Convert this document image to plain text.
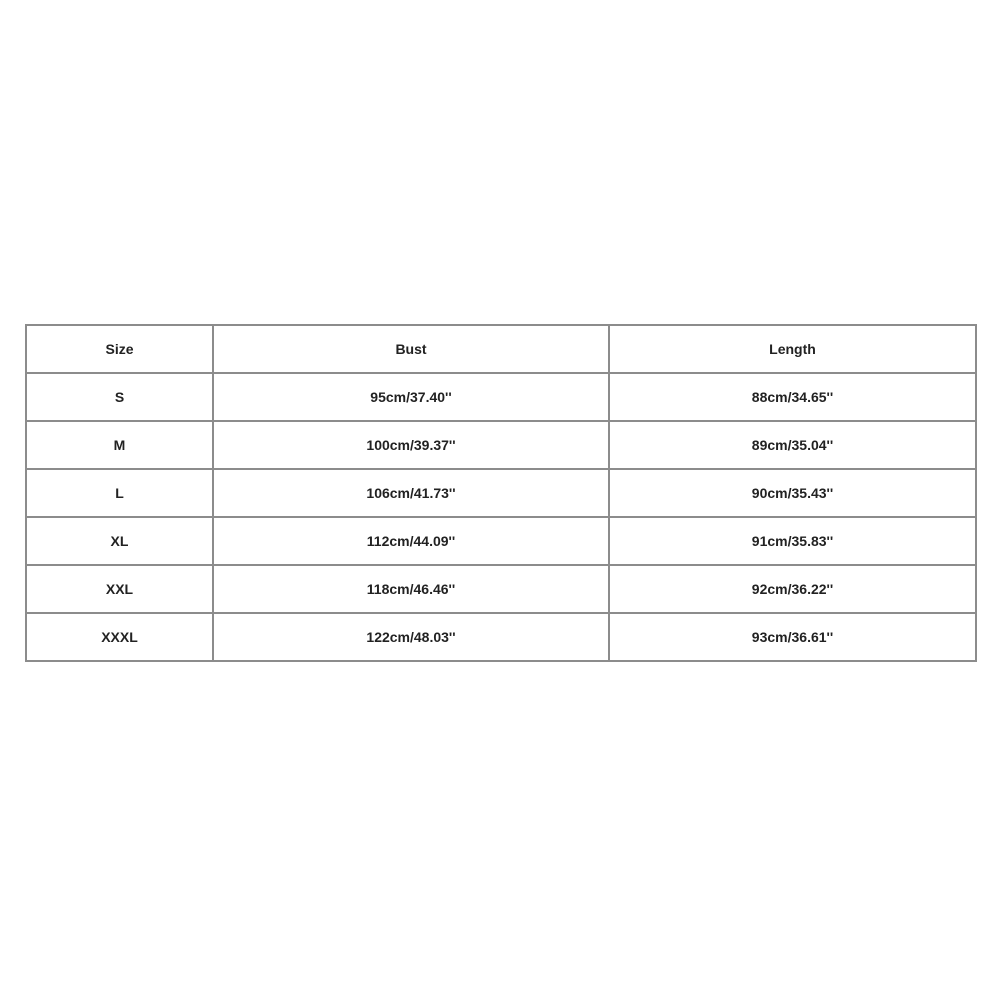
Size	Bust	Length
S	95cm/37.40''	88cm/34.65''
M	100cm/39.37''	89cm/35.04''
L	106cm/41.73''	90cm/35.43''
XL	112cm/44.09''	91cm/35.83''
XXL	118cm/46.46''	92cm/36.22''
XXXL	122cm/48.03''	93cm/36.61''
